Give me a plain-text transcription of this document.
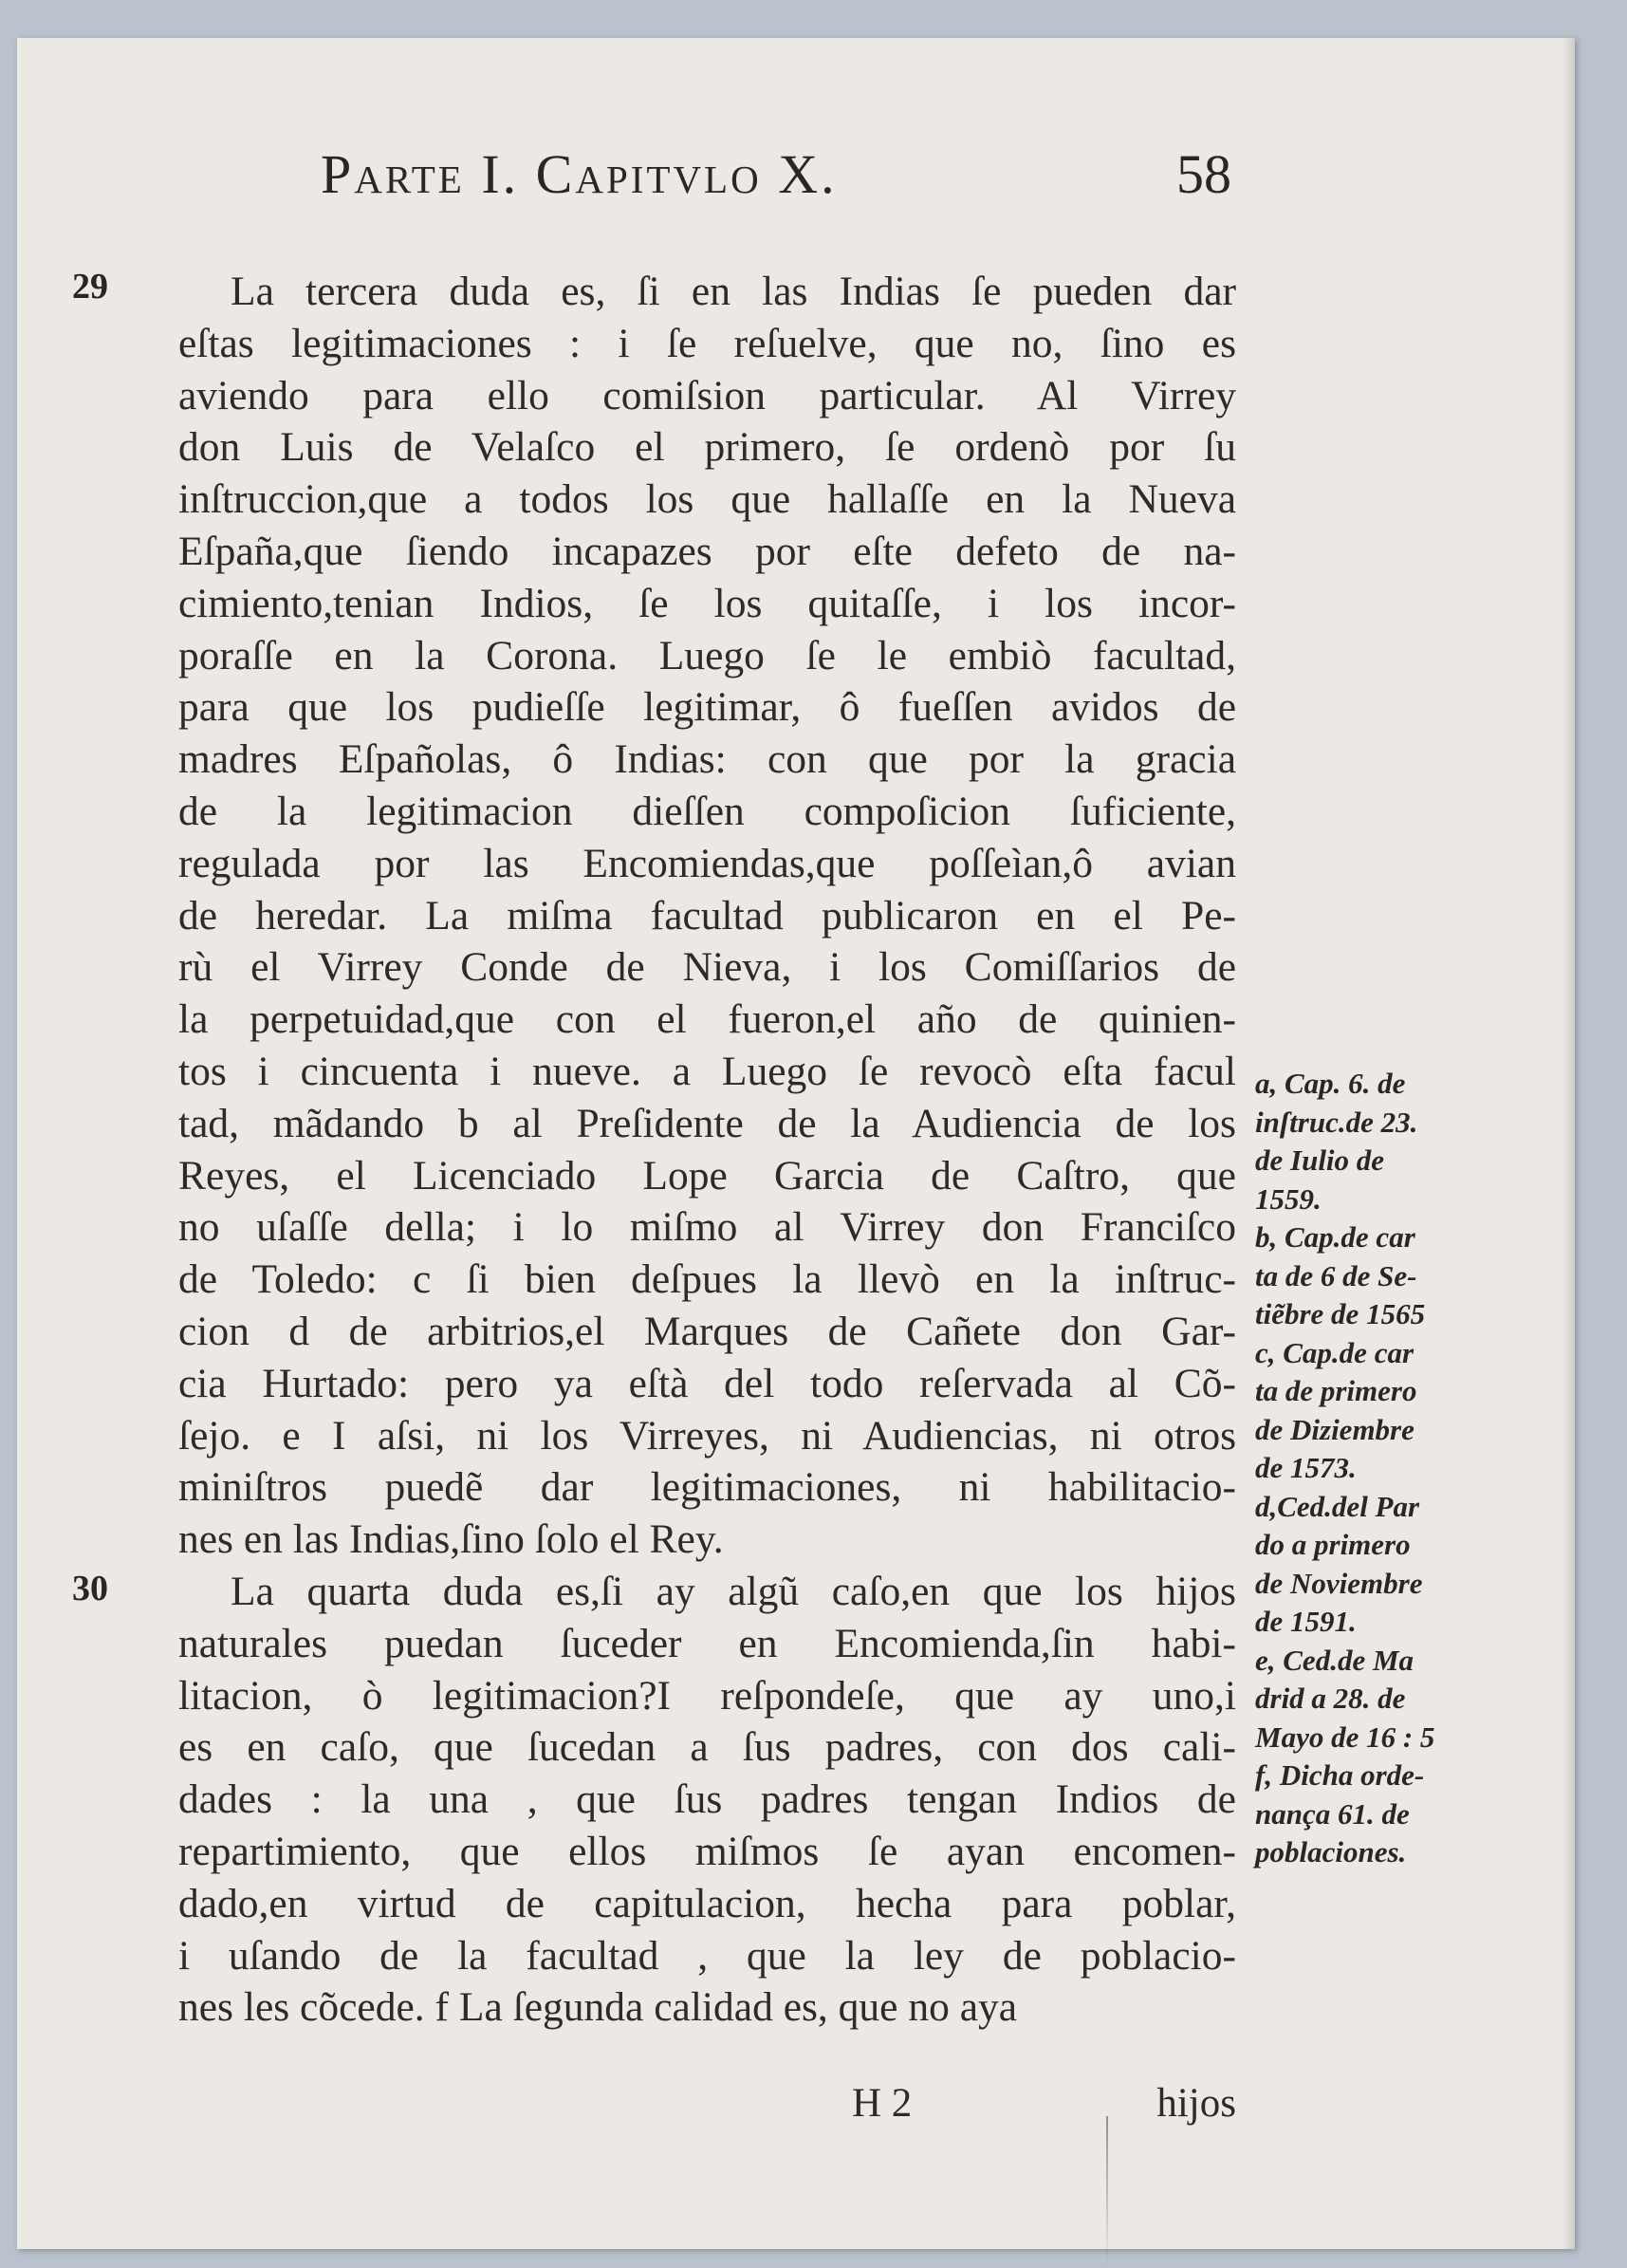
Parte I. Capitvlo X.	58
29
30
La tercera duda es, ſi en las Indias ſe pueden dar
eſtas legitimaciones : i ſe reſuelve, que no, ſino es
aviendo para ello comiſsion particular. Al Virrey
don Luis de Velaſco el primero, ſe ordenò por ſu
inſtruccion,que a todos los que hallaſſe en la Nueva
Eſpaña,que ſiendo incapazes por eſte defeto de na-
cimiento,tenian Indios, ſe los quitaſſe, i los incor-
poraſſe en la Corona. Luego ſe le embiò facultad,
para que los pudieſſe legitimar, ô fueſſen avidos de
madres Eſpañolas, ô Indias: con que por la gracia
de la legitimacion dieſſen compoſicion ſuficiente,
regulada por las Encomiendas,que poſſeìan,ô avian
de heredar. La miſma facultad publicaron en el Pe-
rù el Virrey Conde de Nieva, i los Comiſſarios de
la perpetuidad,que con el fueron,el año de quinien-
tos i cincuenta i nueve. a Luego ſe revocò eſta facul
tad, mãdando b al Preſidente de la Audiencia de los
Reyes, el Licenciado Lope Garcia de Caſtro, que
no uſaſſe della; i lo miſmo al Virrey don Franciſco
de Toledo: c ſi bien deſpues la llevò en la inſtruc-
cion d de arbitrios,el Marques de Cañete don Gar-
cia Hurtado: pero ya eſtà del todo reſervada al Cõ-
ſejo. e I aſsi, ni los Virreyes, ni Audiencias, ni otros
miniſtros puedẽ dar legitimaciones, ni habilitacio-
nes en las Indias,ſino ſolo el Rey.
La quarta duda es,ſi ay algũ caſo,en que los hijos
naturales puedan ſuceder en Encomienda,ſin habi-
litacion, ò legitimacion?I reſpondeſe, que ay uno,i
es en caſo, que ſucedan a ſus padres, con dos cali-
dades : la una , que ſus padres tengan Indios de
repartimiento, que ellos miſmos ſe ayan encomen-
dado,en virtud de capitulacion, hecha para poblar,
i uſando de la facultad , que la ley de poblacio-
nes les cõcede. f La ſegunda calidad es, que no aya
a, Cap. 6. de
inſtruc.de 23.
de Iulio de
1559.
b, Cap.de car
ta de 6 de Se-
tiẽbre de 1565
c, Cap.de car
ta de primero
de Diziembre
de 1573.
d,Ced.del Par
do a primero
de Noviembre
de 1591.
e, Ced.de Ma
drid a 28. de
Mayo de 16 : 5
f, Dicha orde-
nança 61. de
poblaciones.
H 2	hijos
